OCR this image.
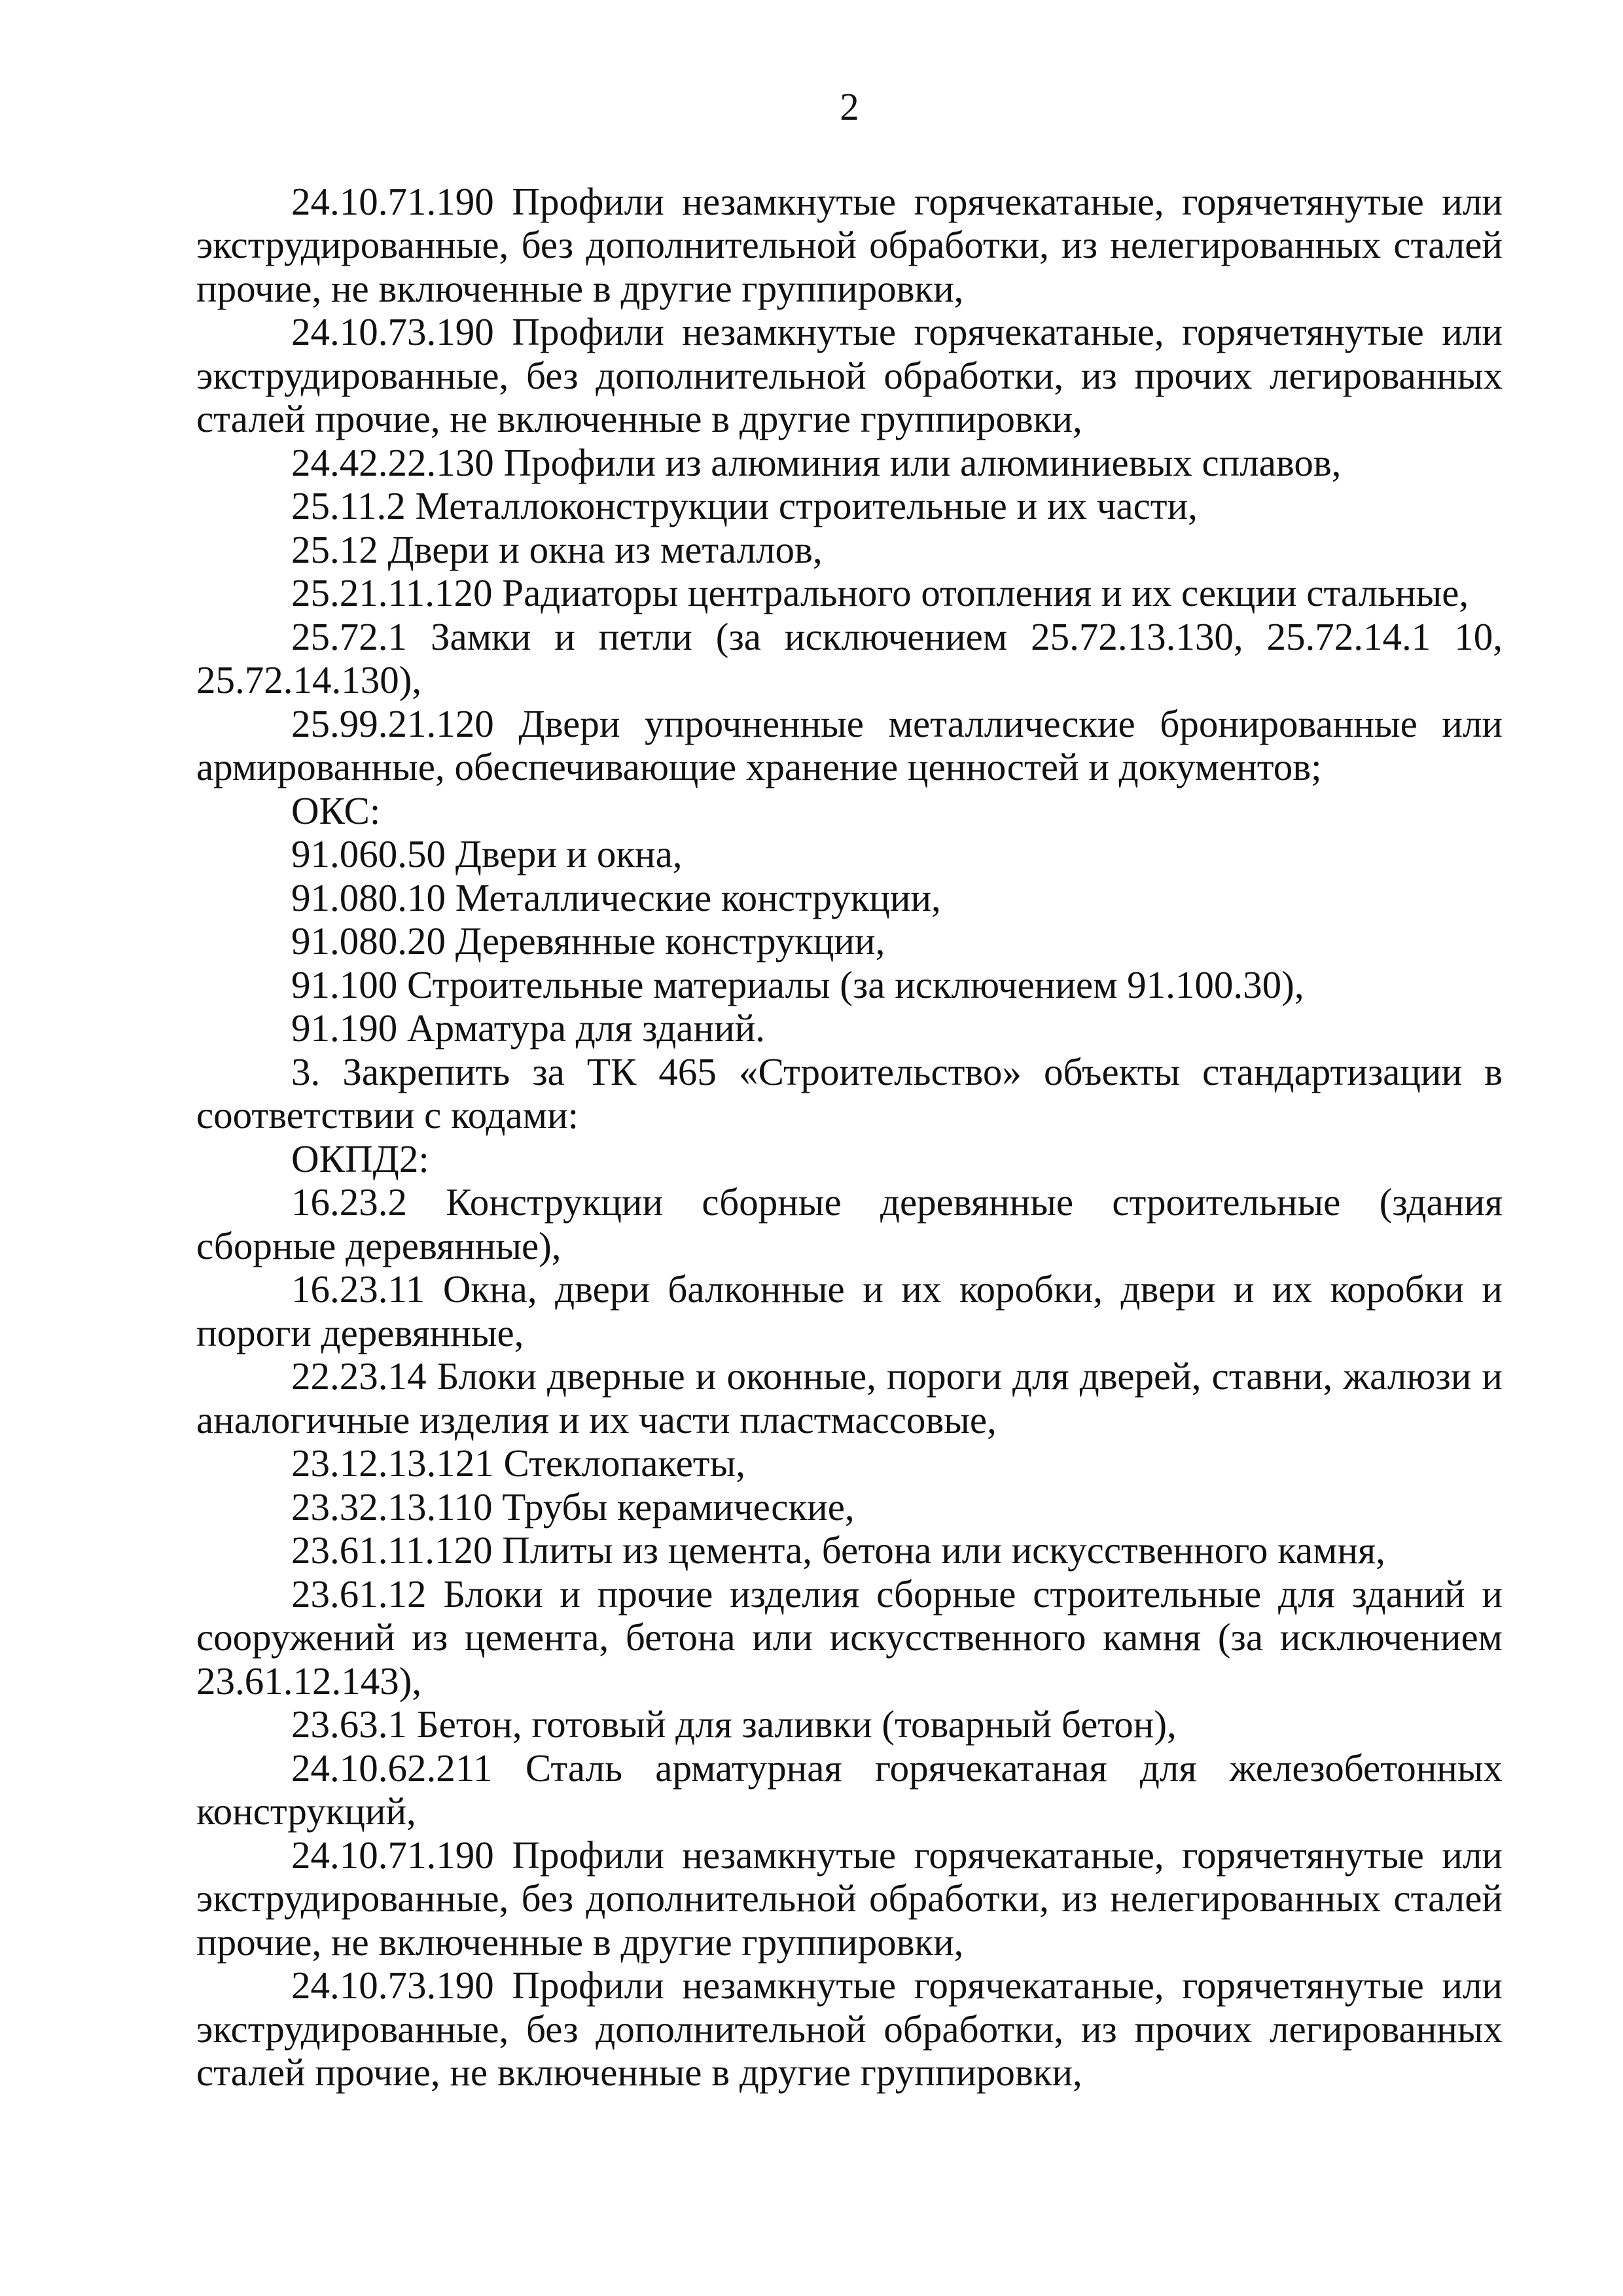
2

24.10.71.190 Профили незамкнутые горячекатаные, горячетянутые или экструдированные, без дополнительной обработки, из нелегированных сталей прочие, не включенные в другие группировки,

24.10.73.190 Профили незамкнутые горячекатаные, горячетянутые или экструдированные, без дополнительной обработки, из прочих легированных сталей прочие, не включенные в другие группировки,

24.42.22.130 Профили из алюминия или алюминиевых сплавов,

25.11.2 Металлоконструкции строительные и их части,

25.12 Двери и окна из металлов,

25.21.11.120 Радиаторы центрального отопления и их секции стальные,

25.72.1 Замки и петли (за исключением 25.72.13.130, 25.72.14.1 10, 25.72.14.130),

25.99.21.120 Двери упрочненные металлические бронированные или армированные, обеспечивающие хранение ценностей и документов;

ОКС:

91.060.50 Двери и окна,

91.080.10 Металлические конструкции,

91.080.20 Деревянные конструкции,

91.100 Строительные материалы (за исключением 91.100.30),

91.190 Арматура для зданий.

3. Закрепить за ТК 465 «Строительство» объекты стандартизации в соответствии с кодами:

ОКПД2:

16.23.2 Конструкции сборные деревянные строительные (здания сборные деревянные),

16.23.11 Окна, двери балконные и их коробки, двери и их коробки и пороги деревянные,

22.23.14 Блоки дверные и оконные, пороги для дверей, ставни, жалюзи и аналогичные изделия и их части пластмассовые,

23.12.13.121 Стеклопакеты,

23.32.13.110 Трубы керамические,

23.61.11.120 Плиты из цемента, бетона или искусственного камня,

23.61.12 Блоки и прочие изделия сборные строительные для зданий и сооружений из цемента, бетона или искусственного камня (за исключением 23.61.12.143),

23.63.1 Бетон, готовый для заливки (товарный бетон),

24.10.62.211 Сталь арматурная горячекатаная для железобетонных конструкций,

24.10.71.190 Профили незамкнутые горячекатаные, горячетянутые или экструдированные, без дополнительной обработки, из нелегированных сталей прочие, не включенные в другие группировки,

24.10.73.190 Профили незамкнутые горячекатаные, горячетянутые или экструдированные, без дополнительной обработки, из прочих легированных сталей прочие, не включенные в другие группировки,
